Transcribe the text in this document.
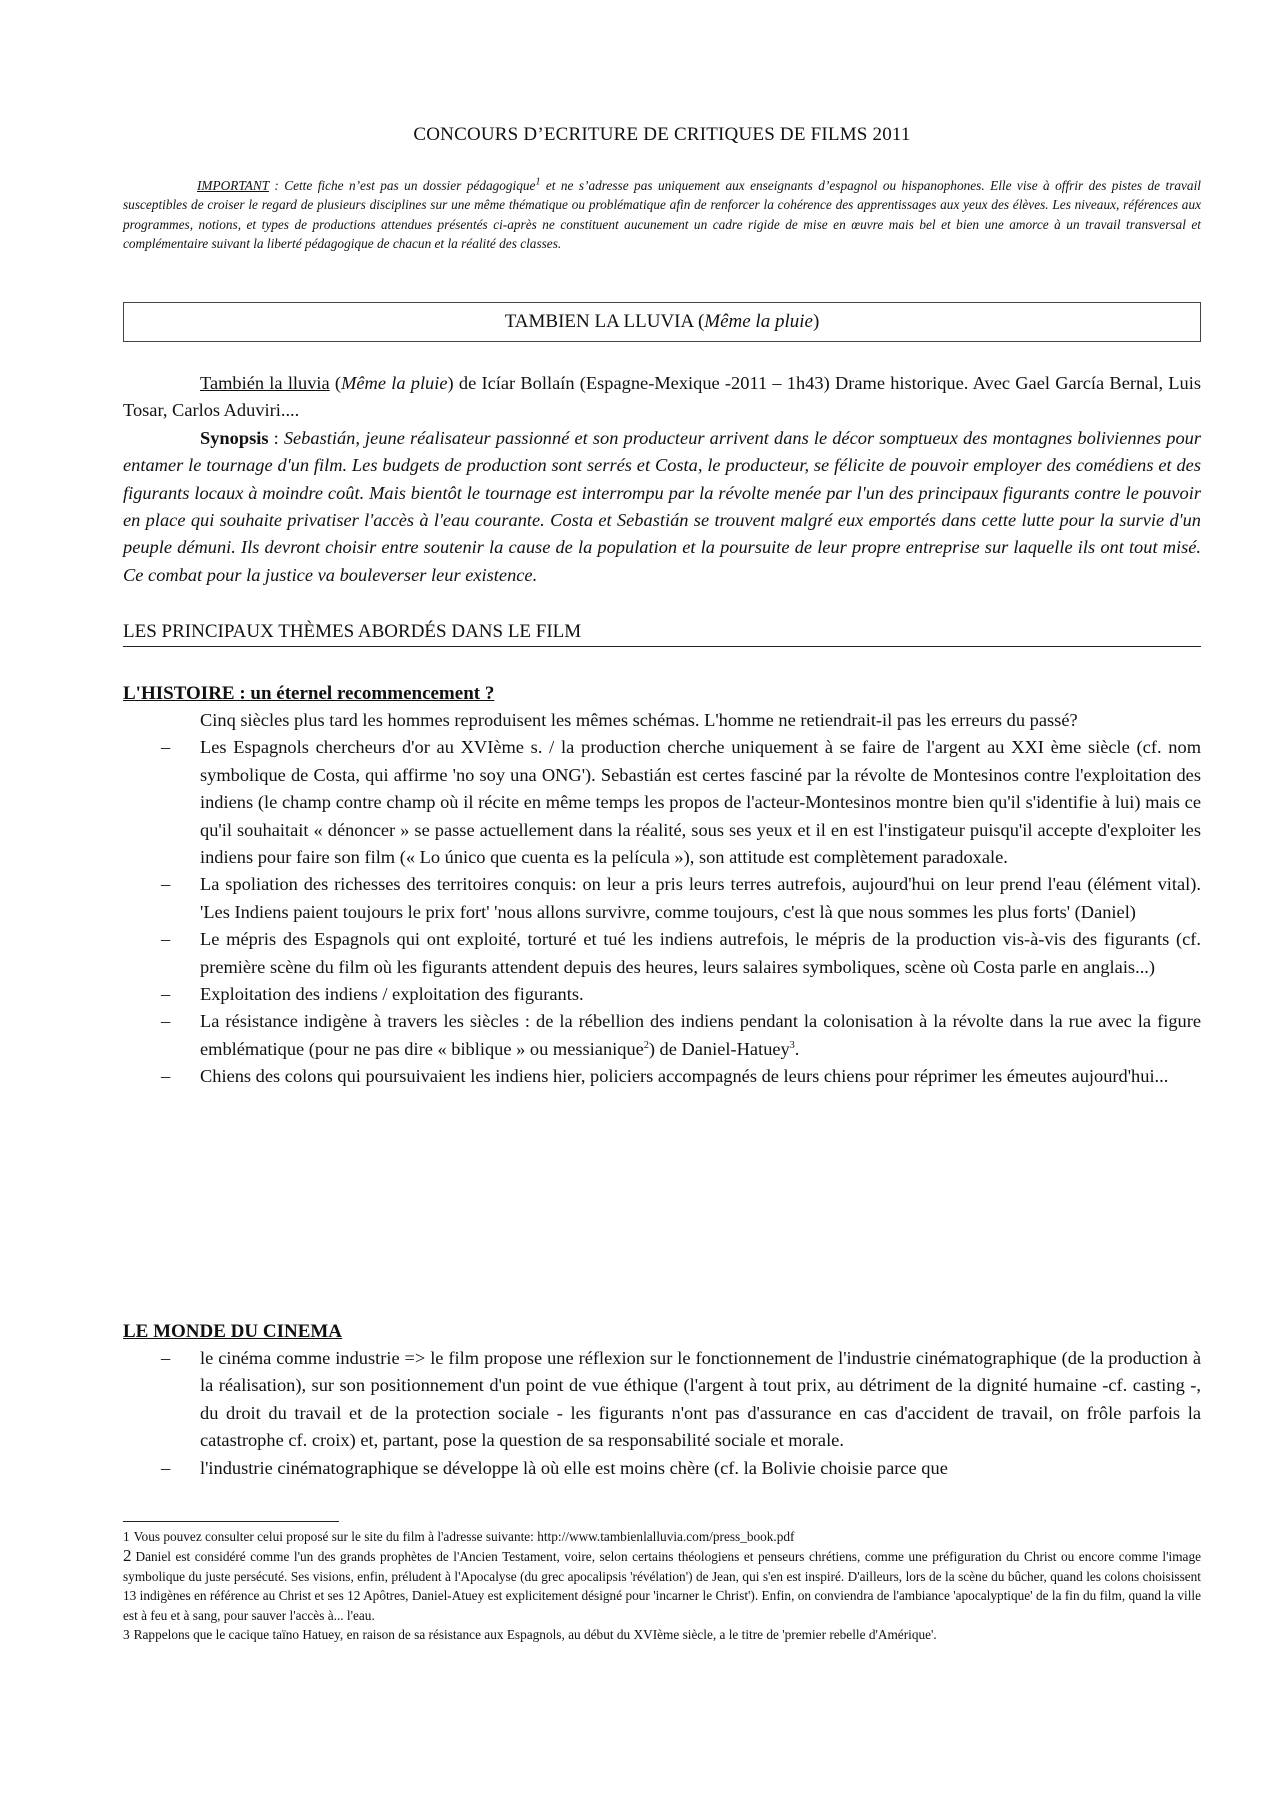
CONCOURS D’ECRITURE DE CRITIQUES DE FILMS 2011
IMPORTANT : Cette fiche n’est pas un dossier pédagogique$^1$ et ne s’adresse pas uniquement aux enseignants d’espagnol ou hispanophones. Elle vise à offrir des pistes de travail susceptibles de croiser le regard de plusieurs disciplines sur une même thématique ou problématique afin de renforcer la cohérence des apprentissages aux yeux des élèves. Les niveaux, références aux programmes, notions, et types de productions attendues présentés ci-après ne constituent aucunement un cadre rigide de mise en œuvre mais bel et bien une amorce à un travail transversal et complémentaire suivant la liberté pédagogique de chacun et la réalité des classes.
TAMBIEN LA LLUVIA (Même la pluie)
También la lluvia (Même la pluie) de Icíar Bollaín (Espagne-Mexique -2011 – 1h43) Drame historique. Avec Gael García Bernal, Luis Tosar, Carlos Aduviri....
Synopsis : Sebastián, jeune réalisateur passionné et son producteur arrivent dans le décor somptueux des montagnes boliviennes pour entamer le tournage d'un film. Les budgets de production sont serrés et Costa, le producteur, se félicite de pouvoir employer des comédiens et des figurants locaux à moindre coût. Mais bientôt le tournage est interrompu par la révolte menée par l'un des principaux figurants contre le pouvoir en place qui souhaite privatiser l'accès à l'eau courante. Costa et Sebastián se trouvent malgré eux emportés dans cette lutte pour la survie d'un peuple démuni. Ils devront choisir entre soutenir la cause de la population et la poursuite de leur propre entreprise sur laquelle ils ont tout misé. Ce combat pour la justice va bouleverser leur existence.
LES PRINCIPAUX THÈMES ABORDÉS DANS LE FILM
L'HISTOIRE : un éternel recommencement ?
Cinq siècles plus tard les hommes reproduisent les mêmes schémas. L'homme ne retiendrait-il pas les erreurs du passé?
– Les Espagnols chercheurs d'or au XVIème s. / la production cherche uniquement à se faire de l'argent au XXI ème siècle (cf. nom symbolique de Costa, qui affirme 'no soy una ONG'). Sebastián est certes fasciné par la révolte de Montesinos contre l'exploitation des indiens (le champ contre champ où il récite en même temps les propos de l'acteur-Montesinos montre bien qu'il s'identifie à lui) mais ce qu'il souhaitait « dénoncer » se passe actuellement dans la réalité, sous ses yeux et il en est l'instigateur puisqu'il accepte d'exploiter les indiens pour faire son film (« Lo único que cuenta es la película »), son attitude est complètement paradoxale.
– La spoliation des richesses des territoires conquis: on leur a pris leurs terres autrefois, aujourd'hui on leur prend l'eau (élément vital). 'Les Indiens paient toujours le prix fort' 'nous allons survivre, comme toujours, c'est là que nous sommes les plus forts' (Daniel)
– Le mépris des Espagnols qui ont exploité, torturé et tué les indiens autrefois, le mépris de la production vis-à-vis des figurants (cf. première scène du film où les figurants attendent depuis des heures, leurs salaires symboliques, scène où Costa parle en anglais...)
– Exploitation des indiens / exploitation des figurants.
– La résistance indigène à travers les siècles : de la rébellion des indiens pendant la colonisation à la révolte dans la rue avec la figure emblématique (pour ne pas dire « biblique » ou messianique$^2$) de Daniel-Hatuey$^3$.
– Chiens des colons qui poursuivaient les indiens hier, policiers accompagnés de leurs chiens pour réprimer les émeutes aujourd'hui...
LE MONDE DU CINEMA
– le cinéma comme industrie => le film propose une réflexion sur le fonctionnement de l'industrie cinématographique (de la production à la réalisation), sur son positionnement d'un point de vue éthique (l'argent à tout prix, au détriment de la dignité humaine -cf. casting -, du droit du travail et de la protection sociale - les figurants n'ont pas d'assurance en cas d'accident de travail, on frôle parfois la catastrophe cf. croix) et, partant, pose la question de sa responsabilité sociale et morale.
– l'industrie cinématographique se développe là où elle est moins chère (cf. la Bolivie choisie parce que

1 Vous pouvez consulter celui proposé sur le site du film à l'adresse suivante: http://www.tambienlalluvia.com/press_book.pdf

2 Daniel est considéré comme l'un des grands prophètes de l'Ancien Testament, voire, selon certains théologiens et penseurs chrétiens, comme une préfiguration du Christ ou encore comme l'image symbolique du juste persécuté. Ses visions, enfin, préludent à l'Apocalyse (du grec apocalipsis 'révélation') de Jean, qui s'en est inspiré. D'ailleurs, lors de la scène du bûcher, quand les colons choisissent 13 indigènes en référence au Christ et ses 12 Apôtres, Daniel-Atuey est explicitement désigné pour 'incarner le Christ'). Enfin, on conviendra de l'ambiance 'apocalyptique' de la fin du film, quand la ville est à feu et à sang, pour sauver l'accès à... l'eau.

3 Rappelons que le cacique taïno Hatuey, en raison de sa résistance aux Espagnols, au début du XVIème siècle, a le titre de 'premier rebelle d'Amérique'.
